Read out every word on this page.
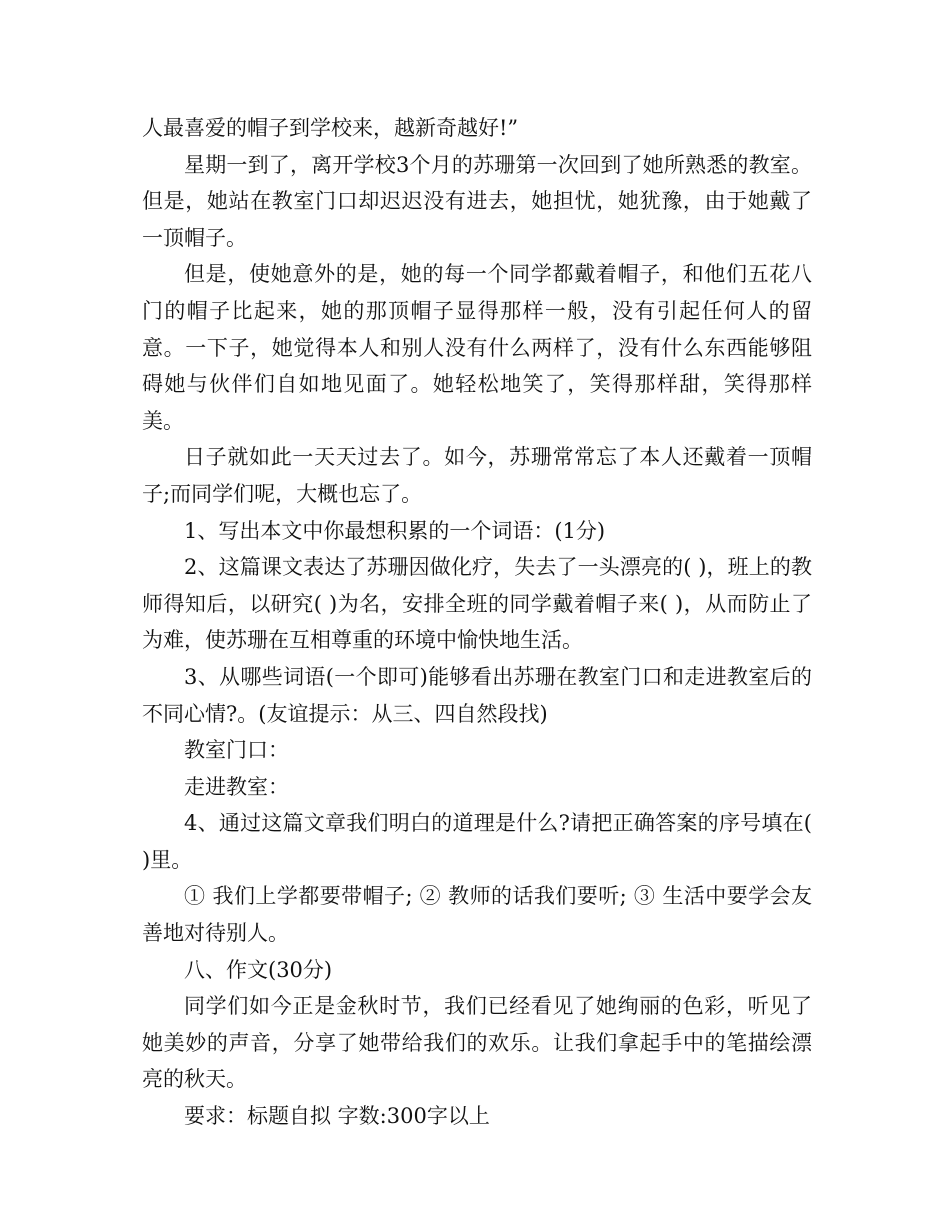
人最喜爱的帽子到学校来，越新奇越好!”

星期一到了，离开学校3个月的苏珊第一次回到了她所熟悉的教室。但是，她站在教室门口却迟迟没有进去，她担忧，她犹豫，由于她戴了一顶帽子。

但是，使她意外的是，她的每一个同学都戴着帽子，和他们五花八门的帽子比起来，她的那顶帽子显得那样一般，没有引起任何人的留意。一下子，她觉得本人和别人没有什么两样了，没有什么东西能够阻碍她与伙伴们自如地见面了。她轻松地笑了，笑得那样甜，笑得那样美。

日子就如此一天天过去了。如今，苏珊常常忘了本人还戴着一顶帽子;而同学们呢，大概也忘了。

1、写出本文中你最想积累的一个词语：(1分)

2、这篇课文表达了苏珊因做化疗，失去了一头漂亮的( )，班上的教师得知后，以研究( )为名，安排全班的同学戴着帽子来( )，从而防止了为难，使苏珊在互相尊重的环境中愉快地生活。

3、从哪些词语(一个即可)能够看出苏珊在教室门口和走进教室后的不同心情?。(友谊提示：从三、四自然段找)

教室门口：

走进教室：

4、通过这篇文章我们明白的道理是什么?请把正确答案的序号填在( )里。

① 我们上学都要带帽子; ② 教师的话我们要听; ③ 生活中要学会友善地对待别人。

八、作文(30分)

同学们如今正是金秋时节，我们已经看见了她绚丽的色彩，听见了她美妙的声音，分享了她带给我们的欢乐。让我们拿起手中的笔描绘漂亮的秋天。

要求：标题自拟 字数:300字以上
